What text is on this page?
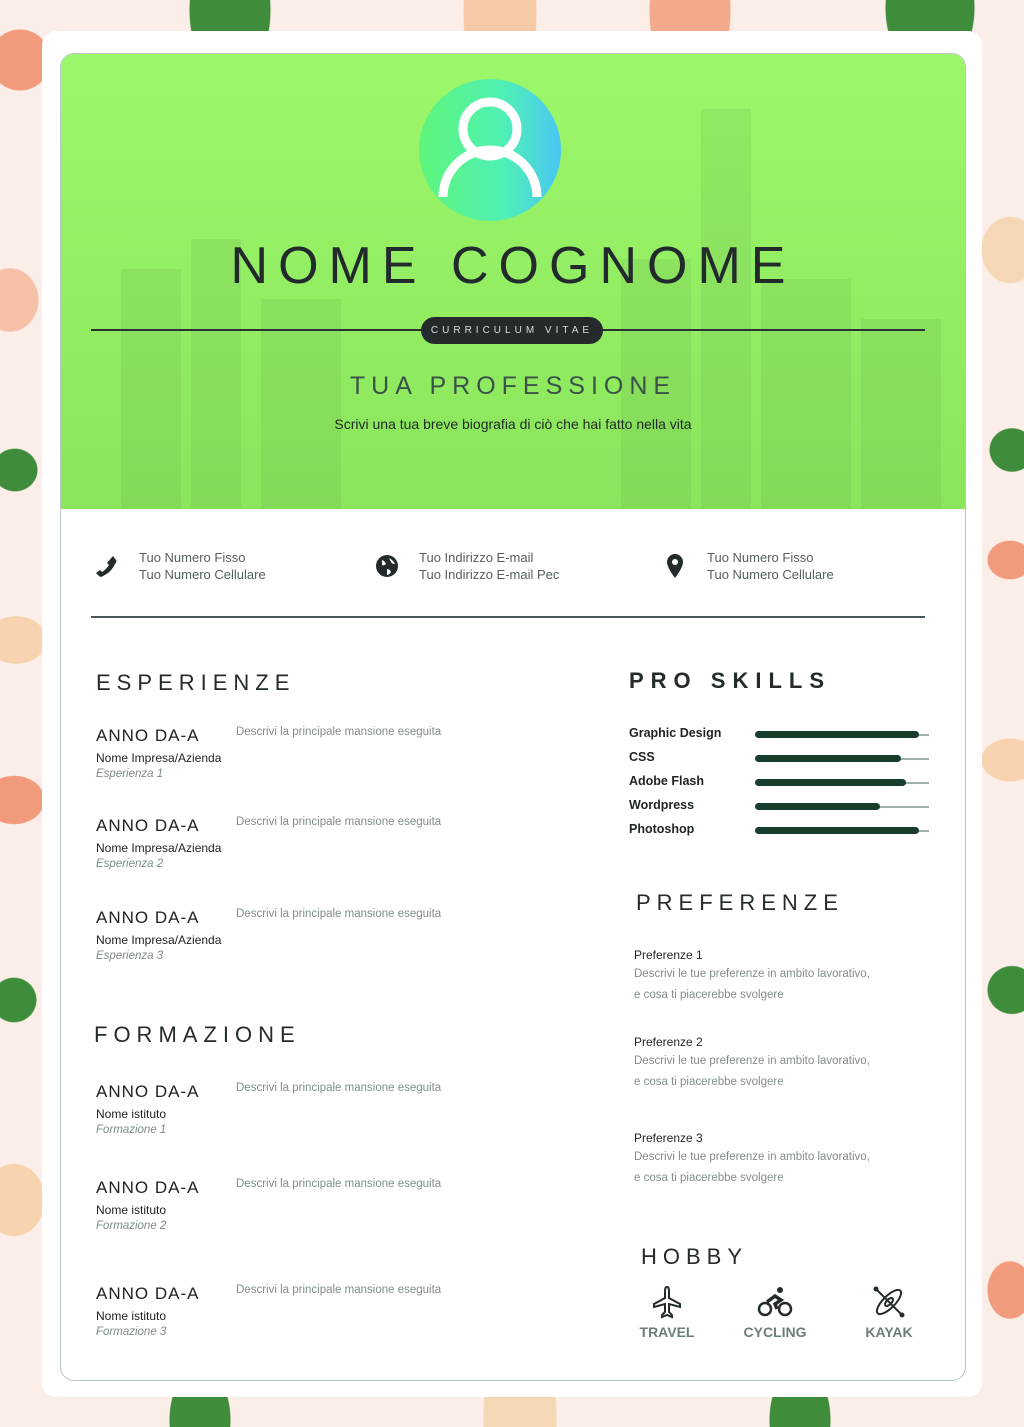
NOME COGNOME
CURRICULUM VITAE
TUA PROFESSIONE
Scrivi una tua breve biografia di ciò che hai fatto nella vita
Tuo Numero Fisso
Tuo Numero Cellulare
Tuo Indirizzo E-mail
Tuo Indirizzo E-mail Pec
Tuo Numero Fisso
Tuo Numero Cellulare
ESPERIENZE
ANNO DA-A
Nome Impresa/Azienda
Esperienza 1
Descrivi la principale mansione eseguita
ANNO DA-A
Nome Impresa/Azienda
Esperienza 2
Descrivi la principale mansione eseguita
ANNO DA-A
Nome Impresa/Azienda
Esperienza 3
Descrivi la principale mansione eseguita
FORMAZIONE
ANNO DA-A
Nome istituto
Formazione 1
Descrivi la principale mansione eseguita
ANNO DA-A
Nome istituto
Formazione 2
Descrivi la principale mansione eseguita
ANNO DA-A
Nome istituto
Formazione 3
Descrivi la principale mansione eseguita
PRO SKILLS
Graphic Design
CSS
Adobe Flash
Wordpress
Photoshop
PREFERENZE
Preferenze 1
Descrivi le tue preferenze in ambito lavorativo,
e cosa ti piacerebbe svolgere
Preferenze 2
Descrivi le tue preferenze in ambito lavorativo,
e cosa ti piacerebbe svolgere
Preferenze 3
Descrivi le tue preferenze in ambito lavorativo,
e cosa ti piacerebbe svolgere
HOBBY
TRAVEL	CYCLING	KAYAK
